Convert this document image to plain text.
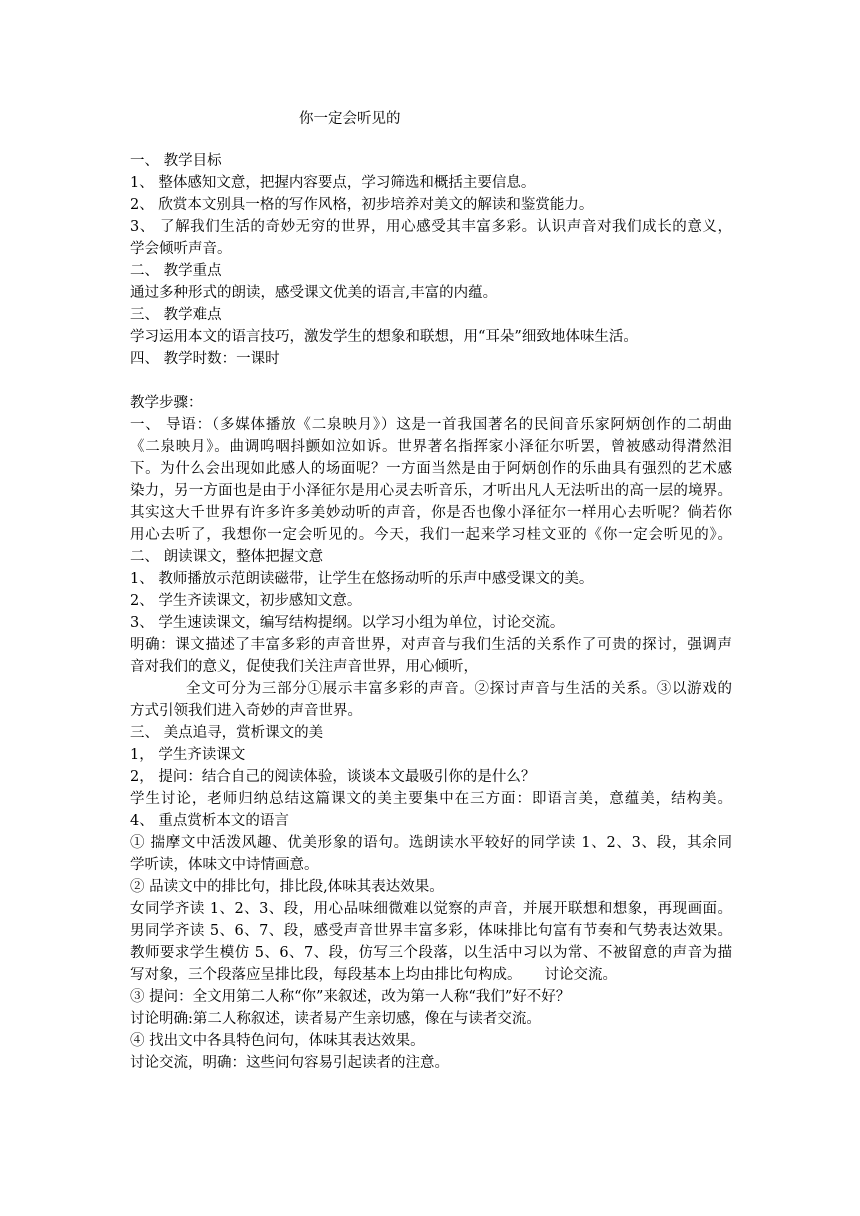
你一定会听见的
一、 教学目标
1、 整体感知文意，把握内容要点，学习筛选和概括主要信息。
2、 欣赏本文别具一格的写作风格，初步培养对美文的解读和鉴赏能力。
3、 了解我们生活的奇妙无穷的世界，用心感受其丰富多彩。认识声音对我们成长的意义，
学会倾听声音。
二、 教学重点
通过多种形式的朗读，感受课文优美的语言,丰富的内蕴。
三、 教学难点
学习运用本文的语言技巧，激发学生的想象和联想，用“耳朵”细致地体味生活。
四、 教学时数：一课时
教学步骤：
一、 导语：（多媒体播放《二泉映月》）这是一首我国著名的民间音乐家阿炳创作的二胡曲
《二泉映月》。曲调呜咽抖颤如泣如诉。世界著名指挥家小泽征尔听罢，曾被感动得潸然泪
下。为什么会出现如此感人的场面呢？一方面当然是由于阿炳创作的乐曲具有强烈的艺术感
染力，另一方面也是由于小泽征尔是用心灵去听音乐，才听出凡人无法听出的高一层的境界。
其实这大千世界有许多许多美妙动听的声音，你是否也像小泽征尔一样用心去听呢？倘若你
用心去听了，我想你一定会听见的。今天，我们一起来学习桂文亚的《你一定会听见的》。
二、 朗读课文，整体把握文意
1、 教师播放示范朗读磁带，让学生在悠扬动听的乐声中感受课文的美。
2、 学生齐读课文，初步感知文意。
3、 学生速读课文，编写结构提纲。以学习小组为单位，讨论交流。
明确：课文描述了丰富多彩的声音世界，对声音与我们生活的关系作了可贵的探讨，强调声
音对我们的意义，促使我们关注声音世界，用心倾听，
全文可分为三部分①展示丰富多彩的声音。②探讨声音与生活的关系。③以游戏的
方式引领我们进入奇妙的声音世界。
三、 美点追寻，赏析课文的美
1， 学生齐读课文
2， 提问：结合自己的阅读体验，谈谈本文最吸引你的是什么？
学生讨论，老师归纳总结这篇课文的美主要集中在三方面：即语言美，意蕴美，结构美。
4、 重点赏析本文的语言
① 揣摩文中活泼风趣、优美形象的语句。选朗读水平较好的同学读 1、2、3、段，其余同
学听读，体味文中诗情画意。
② 品读文中的排比句，排比段,体味其表达效果。
女同学齐读 1、2、3、段，用心品味细微难以觉察的声音，并展开联想和想象，再现画面。
男同学齐读 5、6、7、段，感受声音世界丰富多彩，体味排比句富有节奏和气势表达效果。
教师要求学生模仿 5、6、7、段，仿写三个段落，以生活中习以为常、不被留意的声音为描
写对象，三个段落应呈排比段，每段基本上均由排比句构成。     讨论交流。
③ 提问：全文用第二人称“你”来叙述，改为第一人称“我们”好不好？
讨论明确:第二人称叙述，读者易产生亲切感，像在与读者交流。
④ 找出文中各具特色问句，体味其表达效果。
讨论交流，明确：这些问句容易引起读者的注意。
